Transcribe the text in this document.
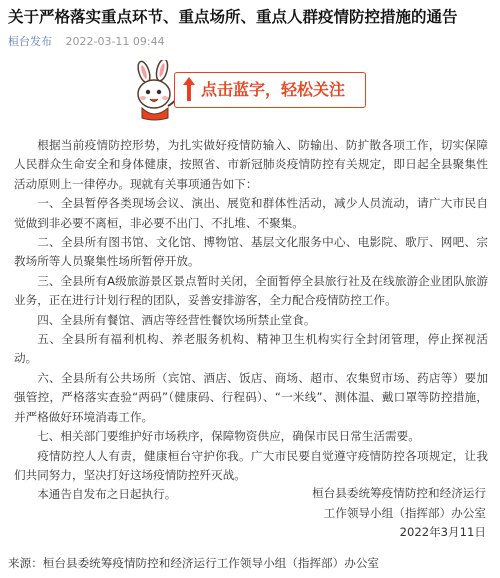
关于严格落实重点环节、重点场所、重点人群疫情防控措施的通告
桓台发布 2022-03-11 09:44
点击蓝字，轻松关注

根据当前疫情防控形势，为扎实做好疫情防输入、防输出、防扩散各项工作，切实保障人民群众生命安全和身体健康，按照省、市新冠肺炎疫情防控有关规定，即日起全县聚集性活动原则上一律停办。现就有关事项通告如下：

一、全县暂停各类现场会议、演出、展览和群体性活动，减少人员流动，请广大市民自觉做到非必要不离桓，非必要不出门、不扎堆、不聚集。

二、全县所有图书馆、文化馆、博物馆、基层文化服务中心、电影院、歌厅、网吧、宗教场所等人员聚集性场所暂停开放。

三、全县所有A级旅游景区景点暂时关闭，全面暂停全县旅行社及在线旅游企业团队旅游业务，正在进行计划行程的团队，妥善安排游客，全力配合疫情防控工作。

四、全县所有餐馆、酒店等经营性餐饮场所禁止堂食。

五、全县所有福利机构、养老服务机构、精神卫生机构实行全封闭管理，停止探视活动。

六、全县所有公共场所（宾馆、酒店、饭店、商场、超市、农集贸市场、药店等）要加强管控，严格落实查验“两码”（健康码、行程码）、“一米线”、测体温、戴口罩等防控措施，并严格做好环境消毒工作。

七、相关部门要维护好市场秩序，保障物资供应，确保市民日常生活需要。

疫情防控人人有责，健康桓台守护你我。广大市民要自觉遵守疫情防控各项规定，让我们共同努力，坚决打好这场疫情防控歼灭战。

本通告自发布之日起执行。	桓台县委统筹疫情防控和经济运行
工作领导小组（指挥部）办公室
2022年3月11日
来源：桓台县委统筹疫情防控和经济运行工作领导小组（指挥部）办公室
